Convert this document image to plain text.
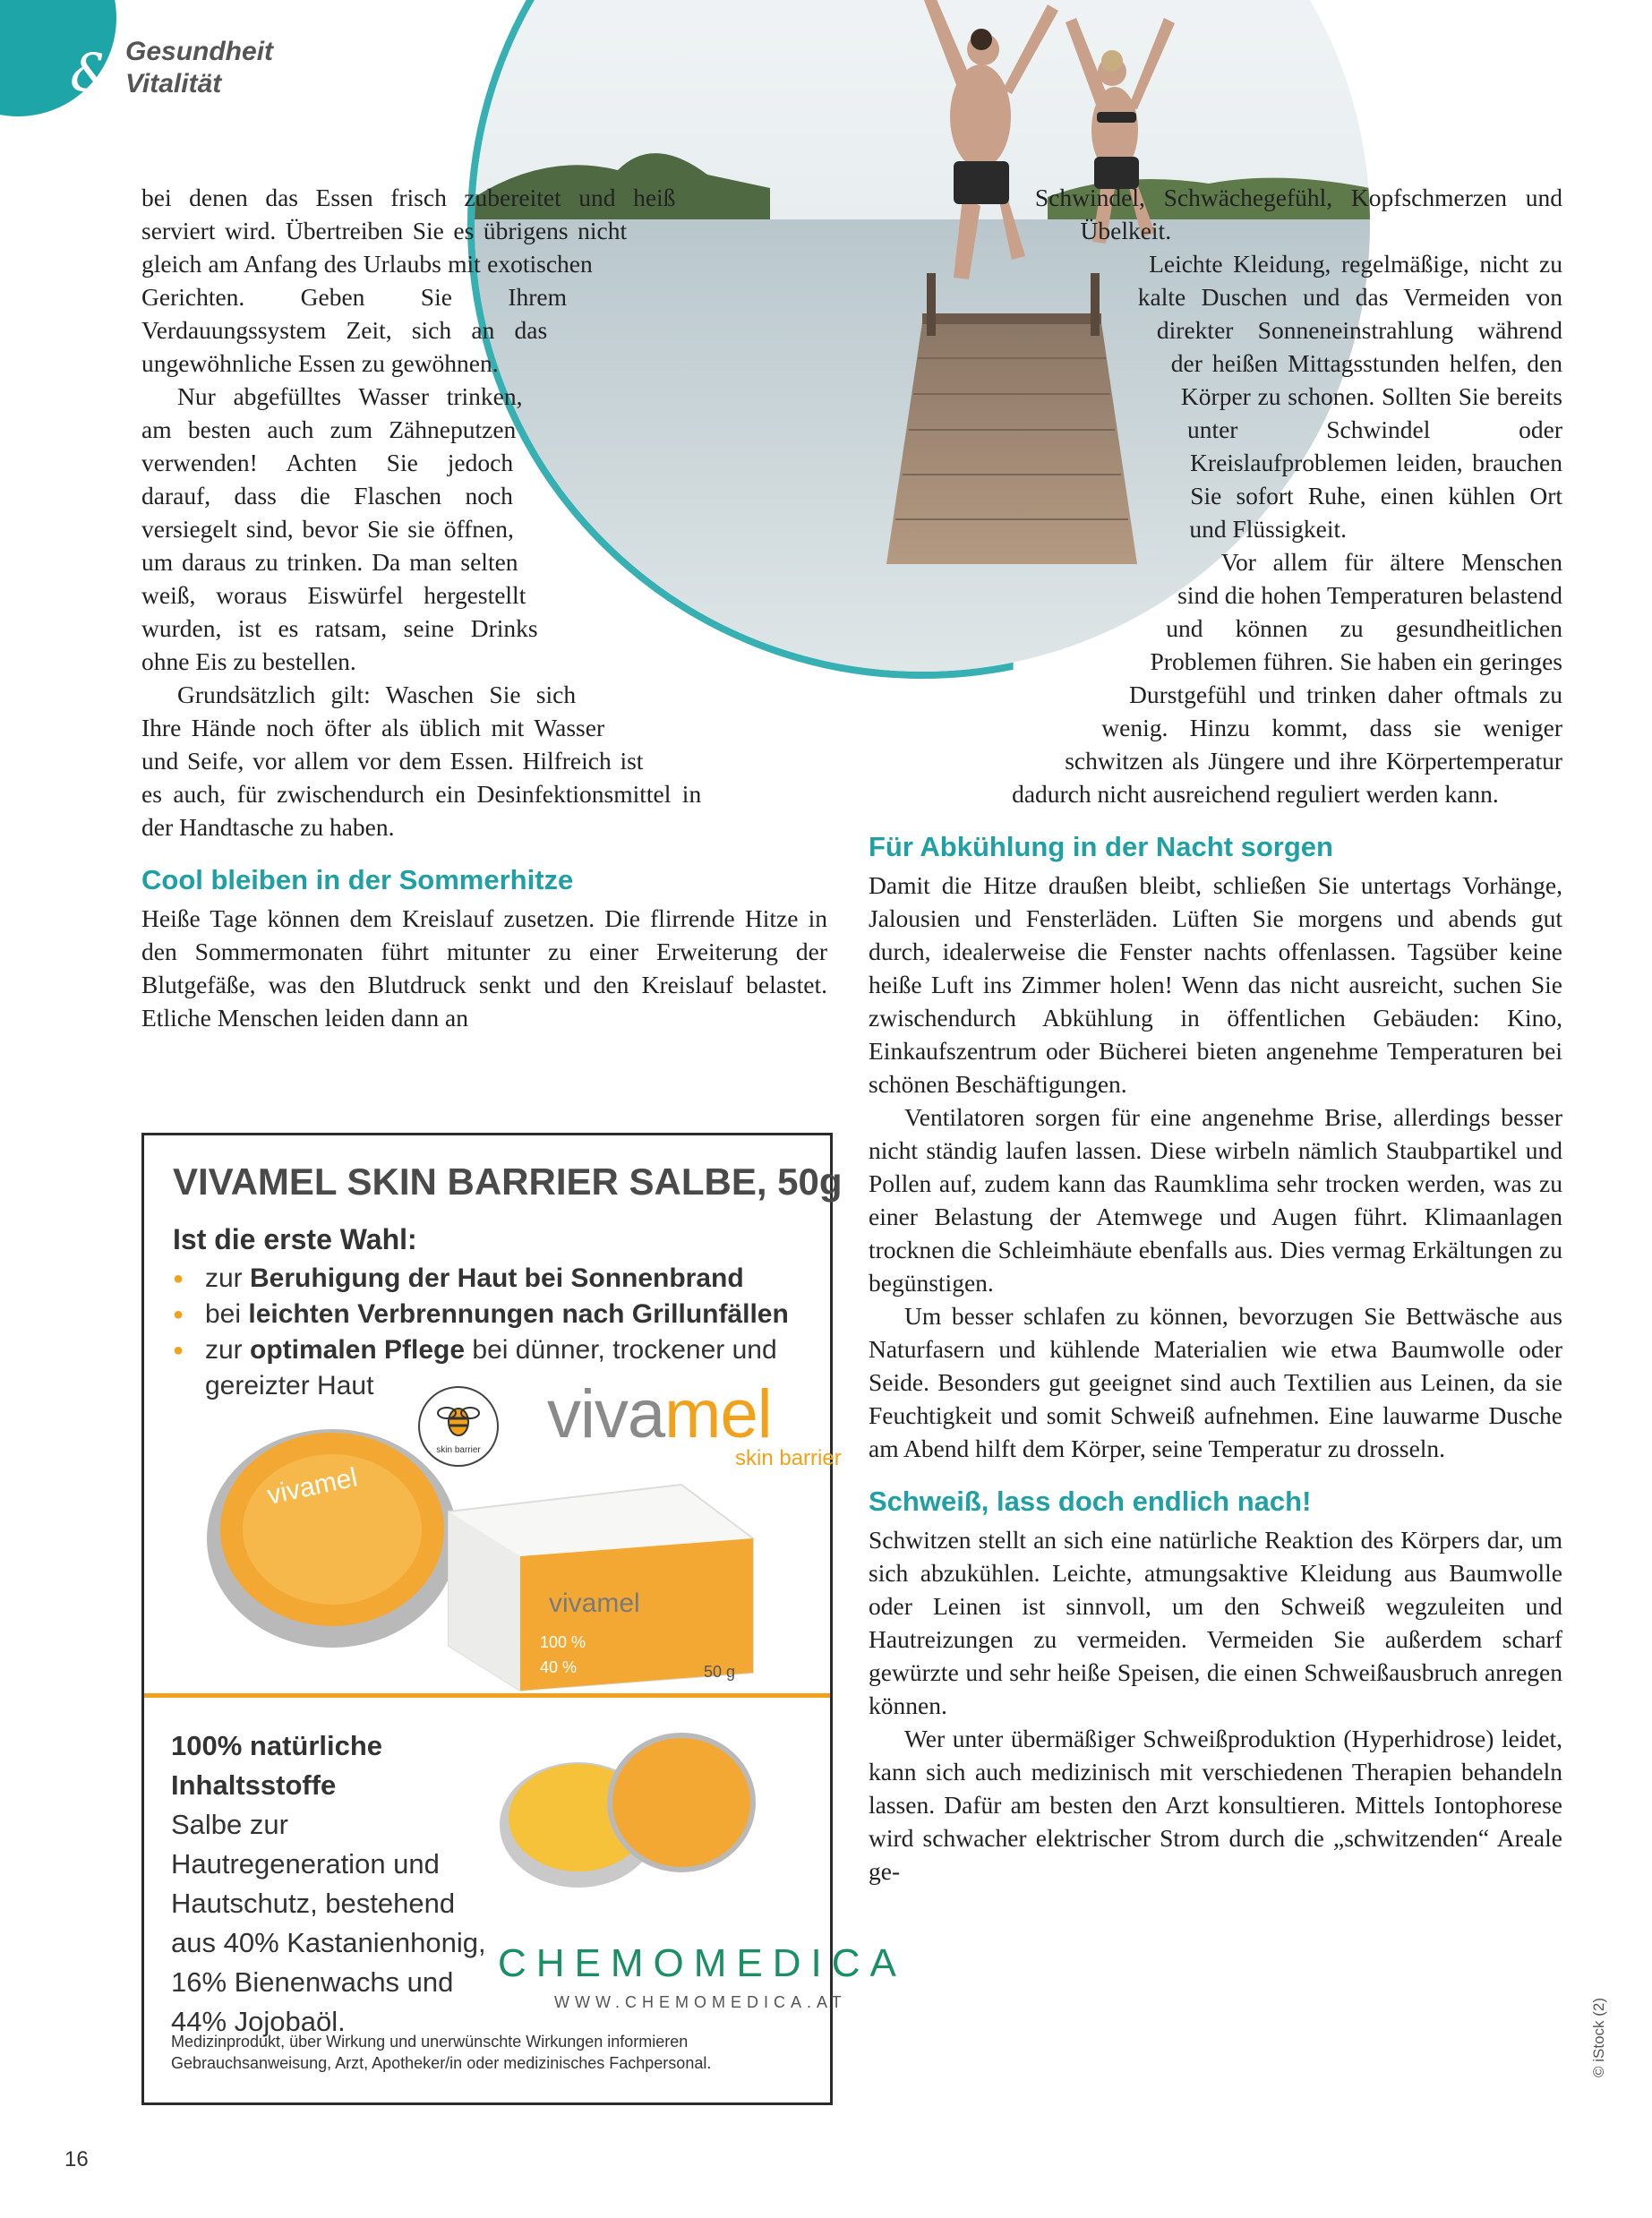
& Gesundheit
Vitalität

bei denen das Essen frisch zubereitet und heiß serviert wird. Übertreiben Sie es übrigens nicht gleich am Anfang des Urlaubs mit exotischen Gerichten. Geben Sie Ihrem Verdauungssystem Zeit, sich an das ungewöhnliche Essen zu gewöhnen.

Nur abgefülltes Wasser trinken, am besten auch zum Zähneputzen verwenden! Achten Sie jedoch darauf, dass die Flaschen noch versiegelt sind, bevor Sie sie öffnen, um daraus zu trinken. Da man selten weiß, woraus Eiswürfel hergestellt wurden, ist es ratsam, seine Drinks ohne Eis zu bestellen.

Grundsätzlich gilt: Waschen Sie sich Ihre Hände noch öfter als üblich mit Wasser und Seife, vor allem vor dem Essen. Hilfreich ist es auch, für zwischendurch ein Desinfektionsmittel in der Handtasche zu haben.

Cool bleiben in der Sommerhitze

Heiße Tage können dem Kreislauf zusetzen. Die flirrende Hitze in den Sommermonaten führt mitunter zu einer Erweiterung der Blutgefäße, was den Blutdruck senkt und den Kreislauf belastet. Etliche Menschen leiden dann an

Schwindel, Schwächegefühl, Kopfschmerzen und Übelkeit.

Leichte Kleidung, regelmäßige, nicht zu kalte Duschen und das Vermeiden von direkter Sonneneinstrahlung während der heißen Mittagsstunden helfen, den Körper zu schonen. Sollten Sie bereits unter Schwindel oder Kreislaufproblemen leiden, brauchen Sie sofort Ruhe, einen kühlen Ort und Flüssigkeit.

Vor allem für ältere Menschen sind die hohen Temperaturen belastend und können zu gesundheitlichen Problemen führen. Sie haben ein geringes Durstgefühl und trinken daher oftmals zu wenig. Hinzu kommt, dass sie weniger schwitzen als Jüngere und ihre Körpertemperatur dadurch nicht ausreichend reguliert werden kann.

Für Abkühlung in der Nacht sorgen

Damit die Hitze draußen bleibt, schließen Sie untertags Vorhänge, Jalousien und Fensterläden. Lüften Sie morgens und abends gut durch, idealerweise die Fenster nachts offenlassen. Tagsüber keine heiße Luft ins Zimmer holen! Wenn das nicht ausreicht, suchen Sie zwischendurch Abkühlung in öffentlichen Gebäuden: Kino, Einkaufszentrum oder Bücherei bieten angenehme Temperaturen bei schönen Beschäftigungen.

Ventilatoren sorgen für eine angenehme Brise, allerdings besser nicht ständig laufen lassen. Diese wirbeln nämlich Staubpartikel und Pollen auf, zudem kann das Raumklima sehr trocken werden, was zu einer Belastung der Atemwege und Augen führt. Klimaanlagen trocknen die Schleimhäute ebenfalls aus. Dies vermag Erkältungen zu begünstigen.

Um besser schlafen zu können, bevorzugen Sie Bettwäsche aus Naturfasern und kühlende Materialien wie etwa Baumwolle oder Seide. Besonders gut geeignet sind auch Textilien aus Leinen, da sie Feuchtigkeit und somit Schweiß aufnehmen. Eine lauwarme Dusche am Abend hilft dem Körper, seine Temperatur zu drosseln.

Schweiß, lass doch endlich nach!

Schwitzen stellt an sich eine natürliche Reaktion des Körpers dar, um sich abzukühlen. Leichte, atmungsaktive Kleidung aus Baumwolle oder Leinen ist sinnvoll, um den Schweiß wegzuleiten und Hautreizungen zu vermeiden. Vermeiden Sie außerdem scharf gewürzte und sehr heiße Speisen, die einen Schweißausbruch anregen können.

Wer unter übermäßiger Schweißproduktion (Hyperhidrose) leidet, kann sich auch medizinisch mit verschiedenen Therapien behandeln lassen. Dafür am besten den Arzt konsultieren. Mittels Iontophorese wird schwacher elektrischer Strom durch die „schwitzenden“ Areale ge-

VIVAMEL SKIN BARRIER SALBE, 50g
Ist die erste Wahl:
● zur Beruhigung der Haut bei Sonnenbrand
● bei leichten Verbrennungen nach Grillunfällen
● zur optimalen Pflege bei dünner, trockener und
gereizter Haut
skin barrier vivamel
skin barrier
vivamel
vivamel
100 %
40 %	50 g
100% natürliche
Inhaltsstoffe
Salbe zur Hautregeneration und Hautschutz, bestehend aus 40% Kastanienhonig, 16% Bienenwachs und 44% Jojobaöl.
CHEMOMEDICA
WWW.CHEMOMEDICA.AT
Medizinprodukt, über Wirkung und unerwünschte Wirkungen informieren Gebrauchsanweisung, Arzt, Apotheker/in oder medizinisches Fachpersonal.
16
© iStock (2)
